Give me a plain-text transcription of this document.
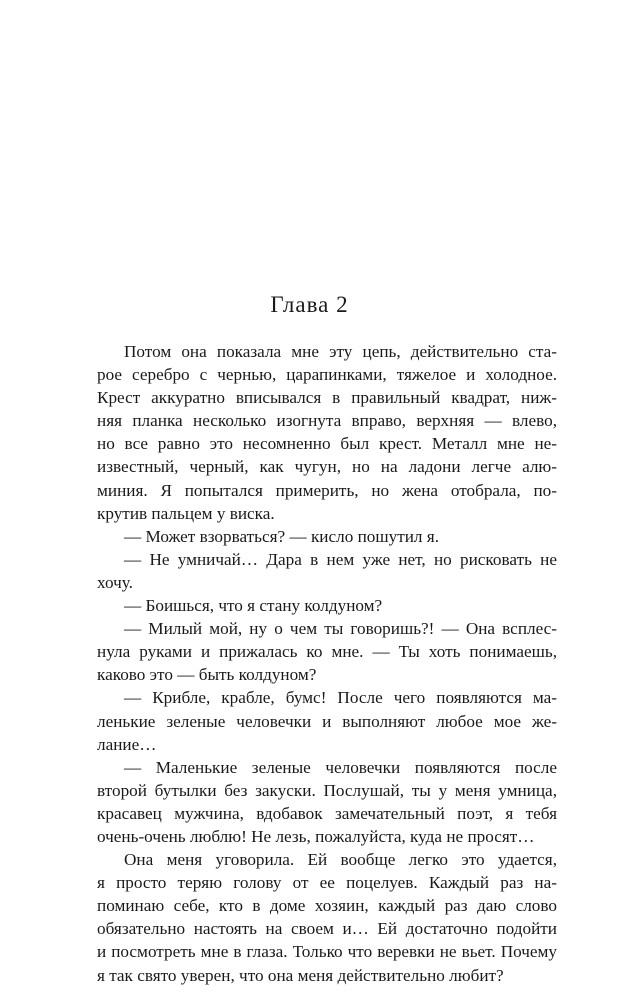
Глава 2
Потом она показала мне эту цепь, действительно ста-
рое серебро с чернью, царапинками, тяжелое и холодное.
Крест аккуратно вписывался в правильный квадрат, ниж-
няя планка несколько изогнута вправо, верхняя — влево,
но все равно это несомненно был крест. Металл мне не-
известный, черный, как чугун, но на ладони легче алю-
миния. Я попытался примерить, но жена отобрала, по-
крутив пальцем у виска.
— Может взорваться? — кисло пошутил я.
— Не умничай… Дара в нем уже нет, но рисковать не
хочу.
— Боишься, что я стану колдуном?
— Милый мой, ну о чем ты говоришь?! — Она всплес-
нула руками и прижалась ко мне. — Ты хоть понимаешь,
каково это — быть колдуном?
— Крибле, крабле, бумс! После чего появляются ма-
ленькие зеленые человечки и выполняют любое мое же-
лание…
— Маленькие зеленые человечки появляются после
второй бутылки без закуски. Послушай, ты у меня умница,
красавец мужчина, вдобавок замечательный поэт, я тебя
очень-очень люблю! Не лезь, пожалуйста, куда не просят…
Она меня уговорила. Ей вообще легко это удается,
я просто теряю голову от ее поцелуев. Каждый раз на-
поминаю себе, кто в доме хозяин, каждый раз даю слово
обязательно настоять на своем и… Ей достаточно подойти
и посмотреть мне в глаза. Только что веревки не вьет. Почему
я так свято уверен, что она меня действительно любит?
